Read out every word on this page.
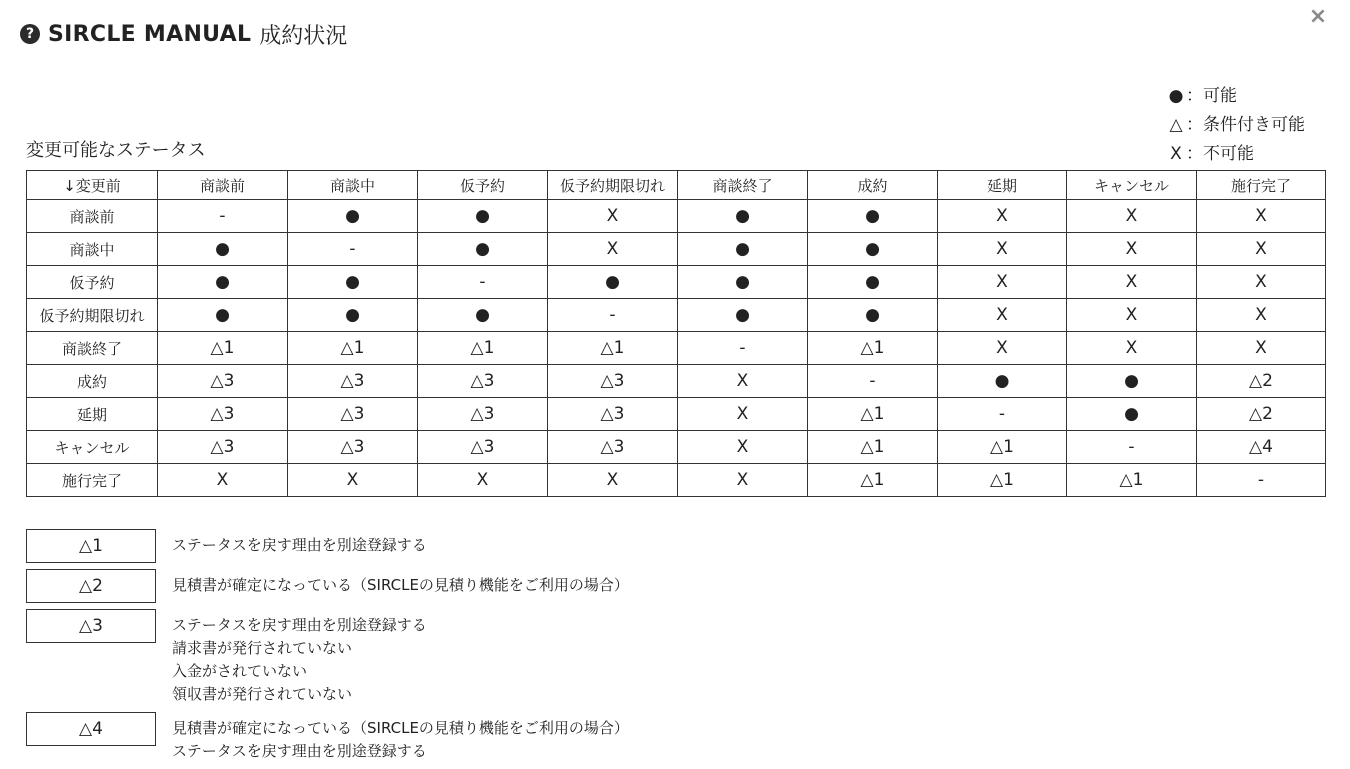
? SIRCLE MANUAL 成約状況
×
● ：可能
△ ：条件付き可能
Χ ：不可能
変更可能なステータス
↓変更前	商談前	商談中	仮予約	仮予約期限切れ	商談終了	成約	延期	キャンセル	施行完了
商談前	-	●	●	Χ	●	●	Χ	Χ	Χ
商談中	●	-	●	Χ	●	●	Χ	Χ	Χ
仮予約	●	●	-	●	●	●	Χ	Χ	Χ
仮予約期限切れ	●	●	●	-	●	●	Χ	Χ	Χ
商談終了	△1	△1	△1	△1	-	△1	Χ	Χ	Χ
成約	△3	△3	△3	△3	Χ	-	●	●	△2
延期	△3	△3	△3	△3	Χ	△1	-	●	△2
キャンセル	△3	△3	△3	△3	Χ	△1	△1	-	△4
施行完了	Χ	Χ	Χ	Χ	Χ	△1	△1	△1	-
△1	ステータスを戻す理由を別途登録する
△2	見積書が確定になっている（SIRCLEの見積り機能をご利用の場合）
△3	ステータスを戻す理由を別途登録する
請求書が発行されていない
入金がされていない
領収書が発行されていない
△4	見積書が確定になっている（SIRCLEの見積り機能をご利用の場合）
ステータスを戻す理由を別途登録する
